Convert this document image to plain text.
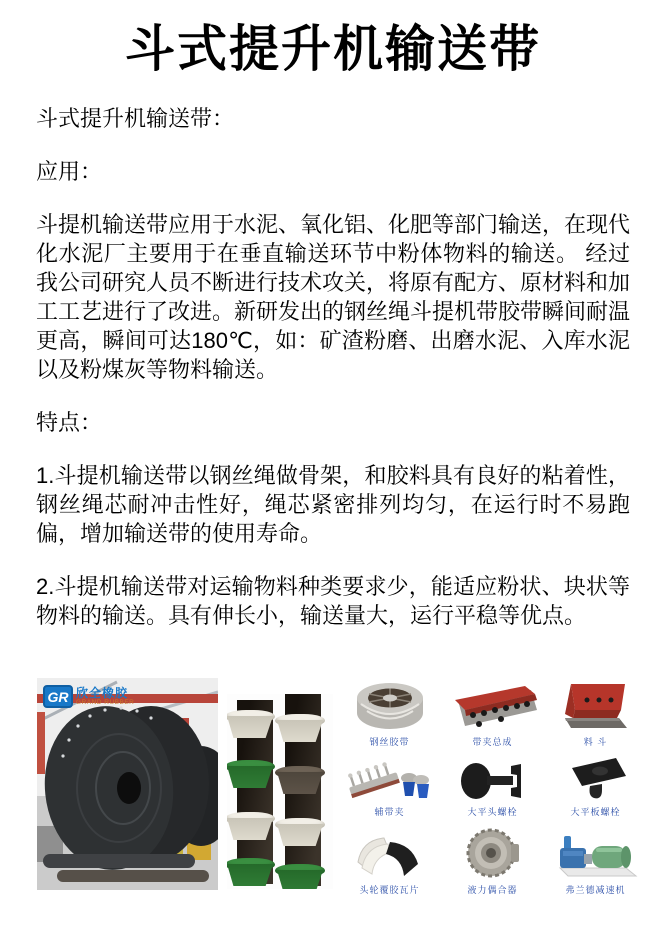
斗式提升机输送带

斗式提升机输送带：

应用：

斗提机输送带应用于水泥、氧化铝、化肥等部门输送，在现代化水泥厂主要用于在垂直输送环节中粉体物料的输送。 经过我公司研究人员不断进行技术攻关，将原有配方、原材料和加工工艺进行了改进。新研发出的钢丝绳斗提机带胶带瞬间耐温更高，瞬间可达180℃，如：矿渣粉磨、出磨水泥、入库水泥以及粉煤灰等物料输送。

特点：

1.斗提机输送带以钢丝绳做骨架，和胶料具有良好的粘着性，钢丝绳芯耐冲击性好，绳芯紧密排列均匀，在运行时不易跑偏，增加输送带的使用寿命。

2.斗提机输送带对运输物料种类要求少，能适应粉状、块状等物料的输送。具有伸长小，输送量大，运行平稳等优点。

GR 欣全橡胶
GRAND RUBBER
钢丝胶带	带夹总成	料 斗
辅带夹	大平头螺栓	大平板螺栓
头轮覆胶瓦片	液力偶合器	弗兰德减速机
